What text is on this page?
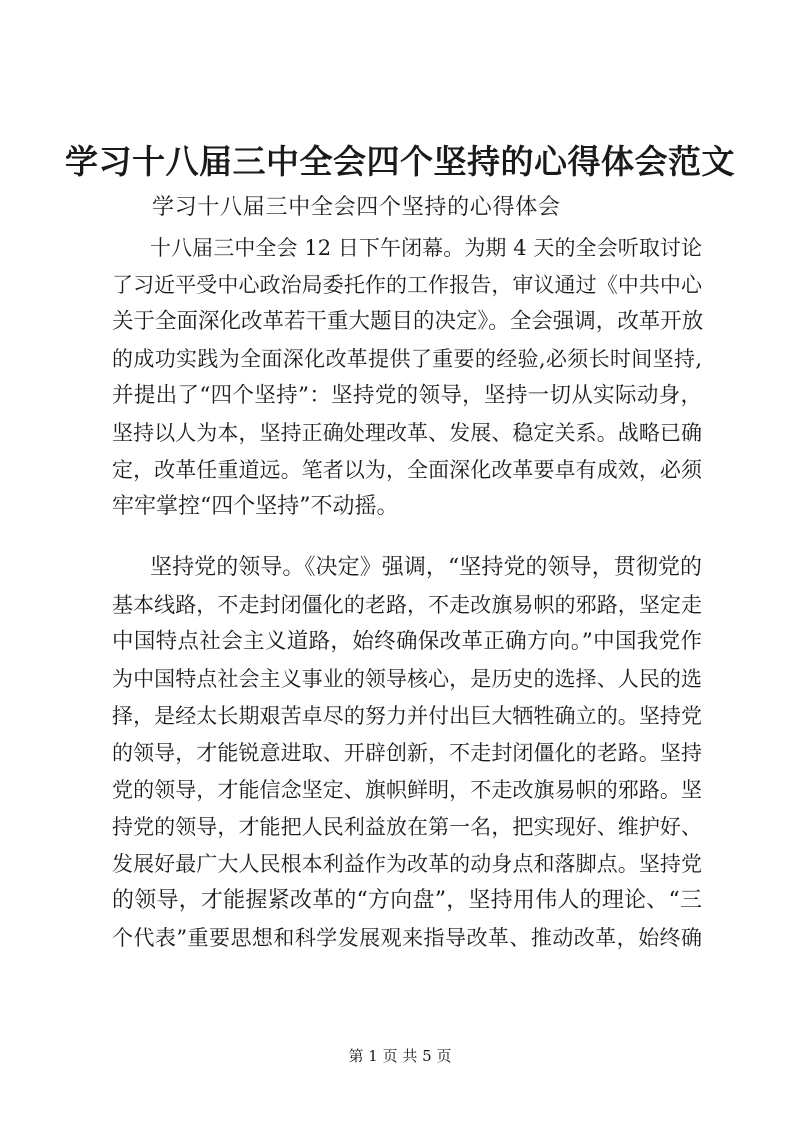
学习十八届三中全会四个坚持的心得体会范文
学习十八届三中全会四个坚持的心得体会
十八届三中全会 12 日下午闭幕。为期 4 天的全会听取讨论
了习近平受中心政治局委托作的工作报告，审议通过《中共中心
关于全面深化改革若干重大题目的决定》。全会强调，改革开放
的成功实践为全面深化改革提供了重要的经验,必须长时间坚持,
并提出了“四个坚持”：坚持党的领导，坚持一切从实际动身，
坚持以人为本，坚持正确处理改革、发展、稳定关系。战略已确
定，改革任重道远。笔者以为，全面深化改革要卓有成效，必须
牢牢掌控“四个坚持”不动摇。
坚持党的领导。《决定》强调，“坚持党的领导，贯彻党的
基本线路，不走封闭僵化的老路，不走改旗易帜的邪路，坚定走
中国特点社会主义道路，始终确保改革正确方向。”中国我党作
为中国特点社会主义事业的领导核心，是历史的选择、人民的选
择，是经太长期艰苦卓尽的努力并付出巨大牺牲确立的。坚持党
的领导，才能锐意进取、开辟创新，不走封闭僵化的老路。坚持
党的领导，才能信念坚定、旗帜鲜明，不走改旗易帜的邪路。坚
持党的领导，才能把人民利益放在第一名，把实现好、维护好、
发展好最广大人民根本利益作为改革的动身点和落脚点。坚持党
的领导，才能握紧改革的“方向盘”，坚持用伟人的理论、“三
个代表”重要思想和科学发展观来指导改革、推动改革，始终确
第 1 页 共 5 页
